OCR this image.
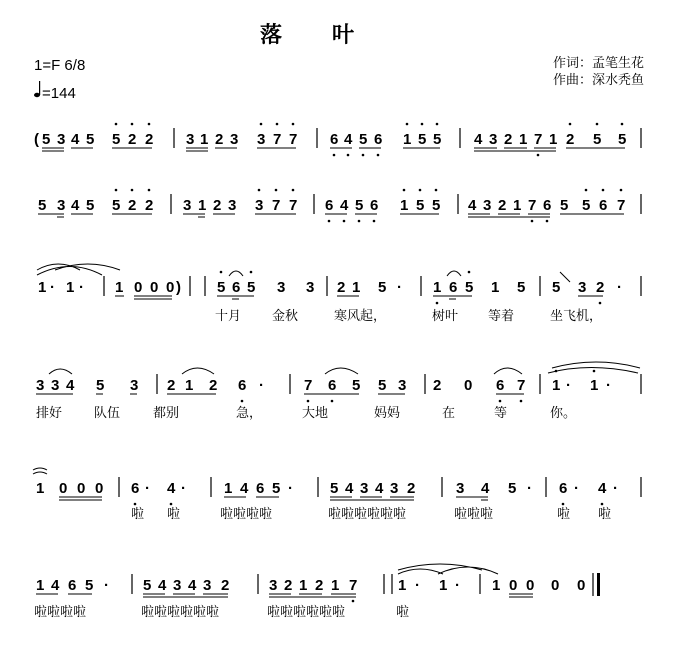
落 叶
1=F 6/8
=144
作词：孟笔生花
作曲：深水秃鱼
( 5 3 4 5 5 2 2 3 1 2 3 3 7 7 6 4 5 6 1 5 5 4 3 2 1 7 1 2 5 5
5 3 4 5 5 2 2 3 1 2 3 3 7 7 6 4 5 6 1 5 5 4 3 2 1 7 6 5 5 6 7
1 · 1 · 1 0 0 0 ) 5 6 5 3 3 2 1 5 · 1 6 5 1 5 5 3 2 ·
十月 金秋	寒风起，	树叶 等着	坐飞机，
3 3 4 5 3 2 1 2 6 ·	7 6 5 5 3 2 0 6 7 1 · 1 ·
排好 队伍	都别	急，	大地	妈妈	在	等	你。
1 0 0 0 6 · 4 ·	1 4 6 5 · 5 4 3 4 3 2	3 4 5 · 6 · 4 ·
啦 啦	啦啦啦啦	啦啦啦啦啦啦	啦啦啦	啦 啦
1 4 6 5 · 5 4 3 4 3 2	3 2 1 2 1 7	1 · 1 · 1 0 0 0 0
啦啦啦啦	啦啦啦啦啦啦	啦啦啦啦啦啦	啦
